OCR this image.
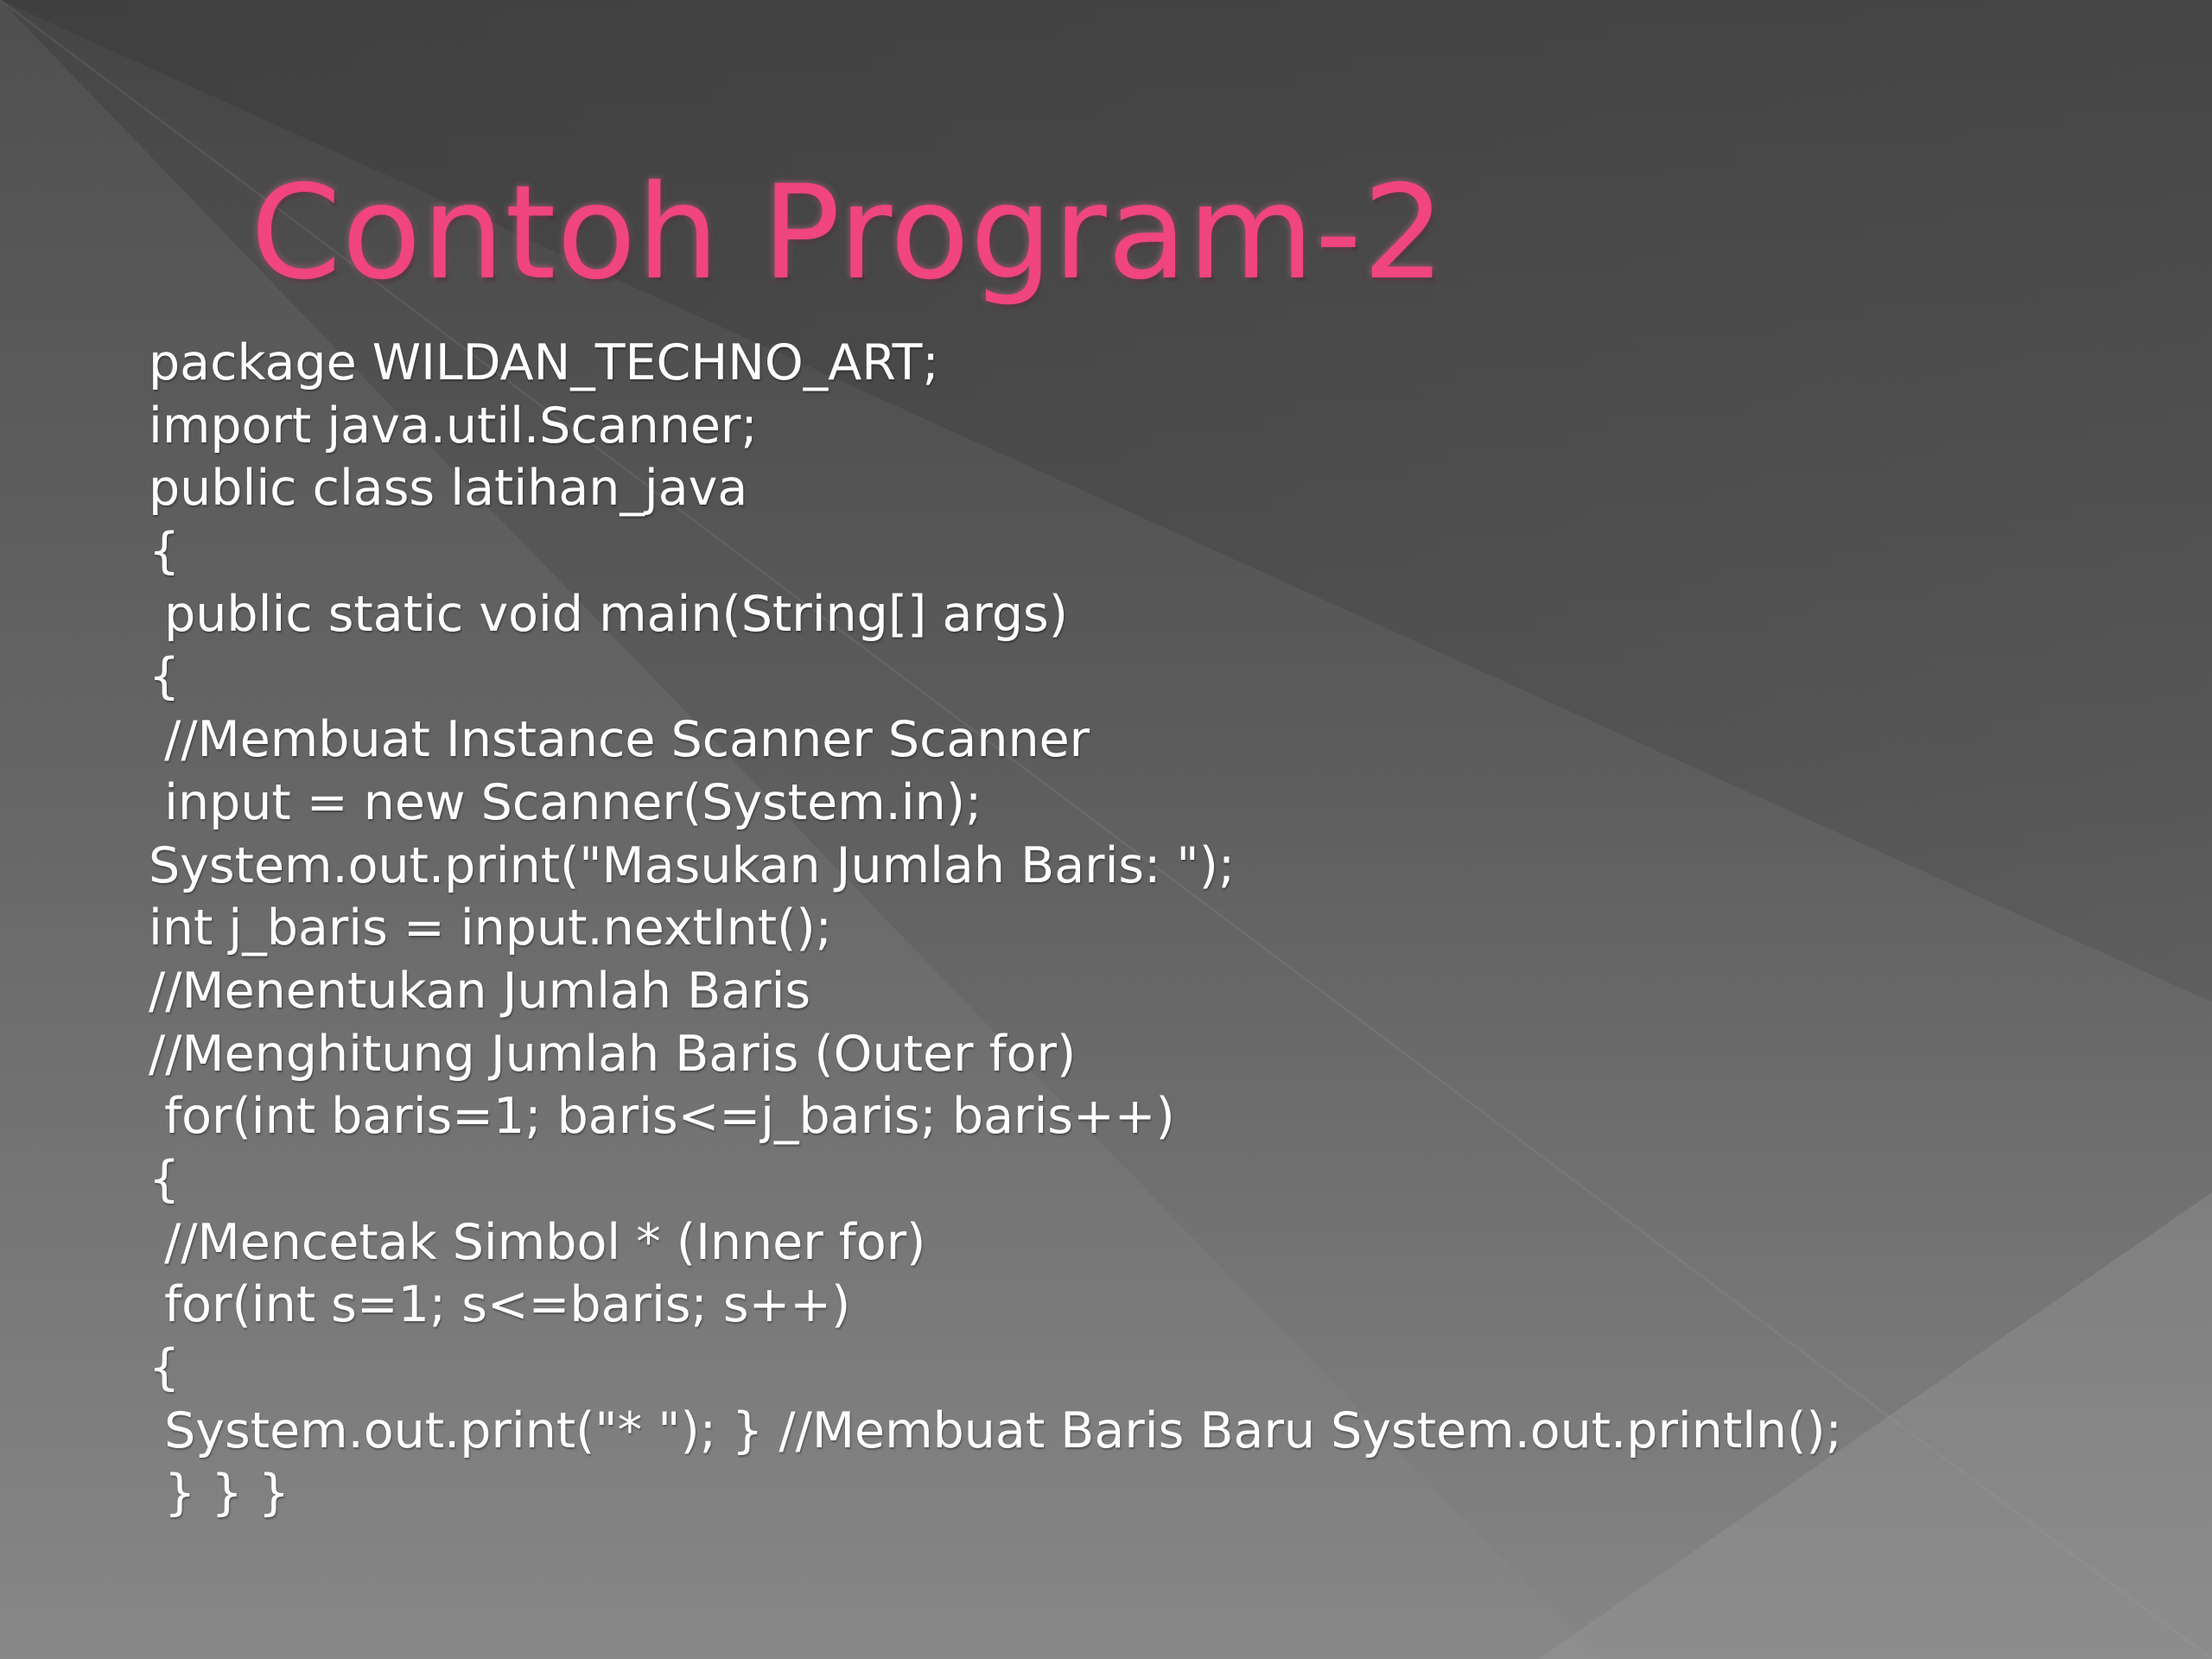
Contoh Program-2
package WILDAN_TECHNO_ART;
import java.util.Scanner;
public class latihan_java
{
public static void main(String[] args)
{
//Membuat Instance Scanner Scanner
input = new Scanner(System.in);
System.out.print("Masukan Jumlah Baris: ");
int j_baris = input.nextInt();
//Menentukan Jumlah Baris
//Menghitung Jumlah Baris (Outer for)
for(int baris=1; baris<=j_baris; baris++)
{
//Mencetak Simbol * (Inner for)
for(int s=1; s<=baris; s++)
{
System.out.print("* "); } //Membuat Baris Baru System.out.println();
} } }
